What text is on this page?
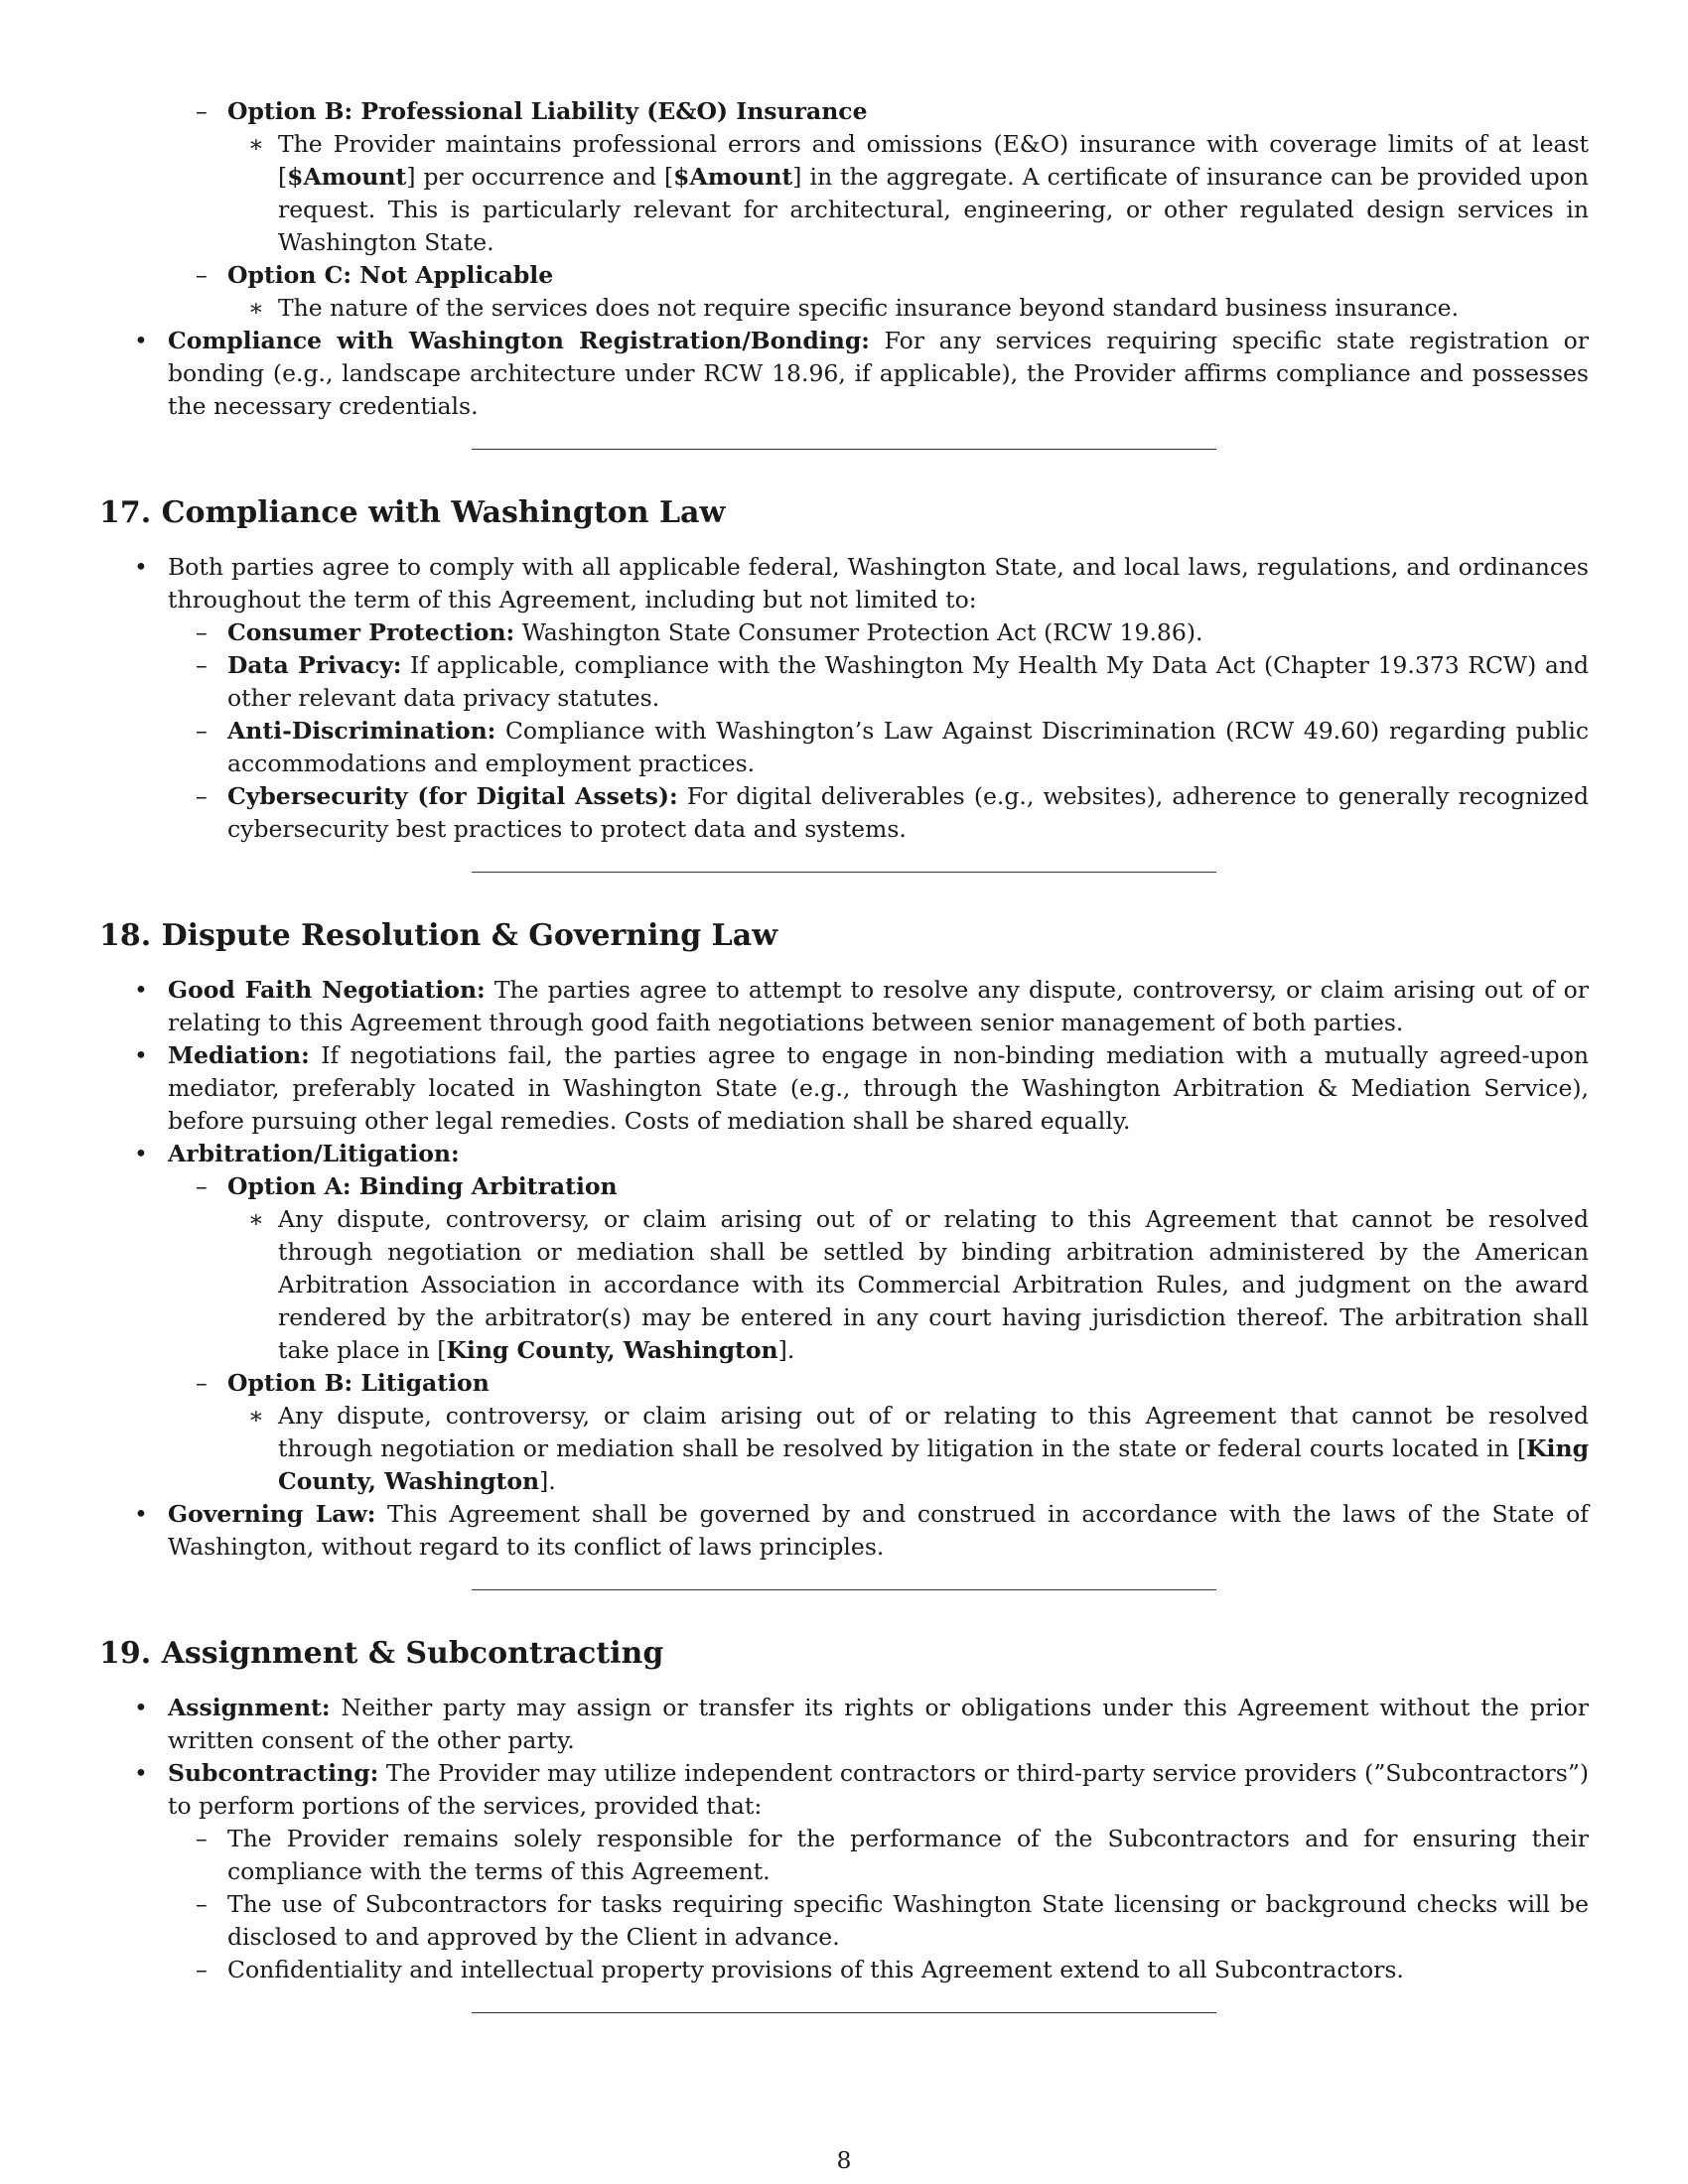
– Option B: Professional Liability (E&O) Insurance
∗ The Provider maintains professional errors and omissions (E&O) insurance with coverage limits of at least [$Amount] per occurrence and [$Amount] in the aggregate. A certificate of insurance can be provided upon request. This is particularly relevant for architectural, engineering, or other regulated design services in Washington State.
– Option C: Not Applicable
∗ The nature of the services does not require specific insurance beyond standard business insurance.
• Compliance with Washington Registration/Bonding: For any services requiring specific state registration or bonding (e.g., landscape architecture under RCW 18.96, if applicable), the Provider affirms compliance and possesses the necessary credentials.
17. Compliance with Washington Law
• Both parties agree to comply with all applicable federal, Washington State, and local laws, regulations, and ordinances throughout the term of this Agreement, including but not limited to:
– Consumer Protection: Washington State Consumer Protection Act (RCW 19.86).
– Data Privacy: If applicable, compliance with the Washington My Health My Data Act (Chapter 19.373 RCW) and other relevant data privacy statutes.
– Anti-Discrimination: Compliance with Washington’s Law Against Discrimination (RCW 49.60) regarding public accommodations and employment practices.
– Cybersecurity (for Digital Assets): For digital deliverables (e.g., websites), adherence to generally recognized cybersecurity best practices to protect data and systems.
18. Dispute Resolution & Governing Law
• Good Faith Negotiation: The parties agree to attempt to resolve any dispute, controversy, or claim arising out of or relating to this Agreement through good faith negotiations between senior management of both parties.
• Mediation: If negotiations fail, the parties agree to engage in non-binding mediation with a mutually agreed-upon mediator, preferably located in Washington State (e.g., through the Washington Arbitration & Mediation Service), before pursuing other legal remedies. Costs of mediation shall be shared equally.
• Arbitration/Litigation:
– Option A: Binding Arbitration
∗ Any dispute, controversy, or claim arising out of or relating to this Agreement that cannot be resolved through negotiation or mediation shall be settled by binding arbitration administered by the American Arbitration Association in accordance with its Commercial Arbitration Rules, and judgment on the award rendered by the arbitrator(s) may be entered in any court having jurisdiction thereof. The arbitration shall take place in [King County, Washington].
– Option B: Litigation
∗ Any dispute, controversy, or claim arising out of or relating to this Agreement that cannot be resolved through negotiation or mediation shall be resolved by litigation in the state or federal courts located in [King County, Washington].
• Governing Law: This Agreement shall be governed by and construed in accordance with the laws of the State of Washington, without regard to its conflict of laws principles.
19. Assignment & Subcontracting
• Assignment: Neither party may assign or transfer its rights or obligations under this Agreement without the prior written consent of the other party.
• Subcontracting: The Provider may utilize independent contractors or third-party service providers (”Subcontractors”) to perform portions of the services, provided that:
– The Provider remains solely responsible for the performance of the Subcontractors and for ensuring their compliance with the terms of this Agreement.
– The use of Subcontractors for tasks requiring specific Washington State licensing or background checks will be disclosed to and approved by the Client in advance.
– Confidentiality and intellectual property provisions of this Agreement extend to all Subcontractors.
8
